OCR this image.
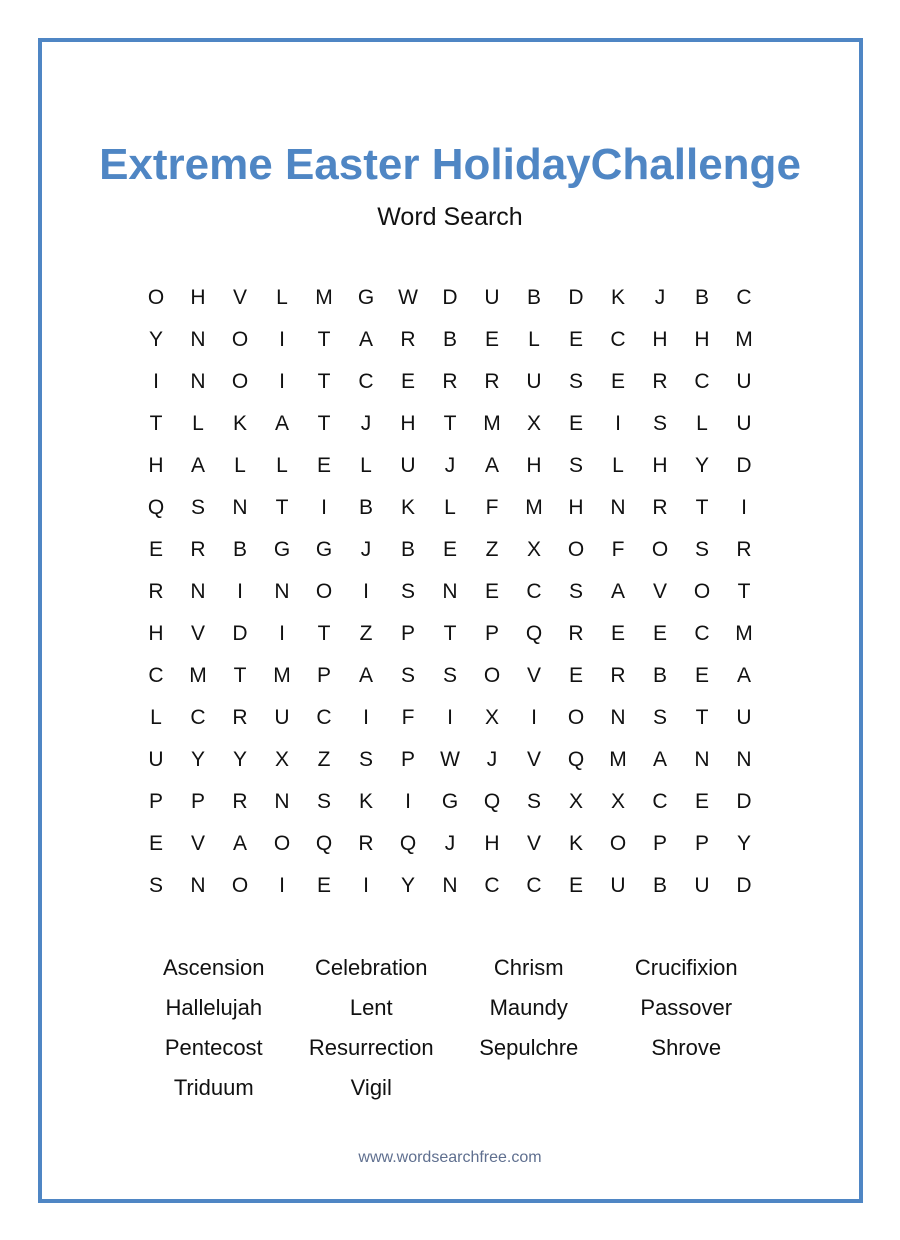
Extreme Easter HolidayChallenge
Word Search
O	H	V	L	M	G	W	D	U	B	D	K	J	B	C
Y	N	O	I	T	A	R	B	E	L	E	C	H	H	M
I	N	O	I	T	C	E	R	R	U	S	E	R	C	U
T	L	K	A	T	J	H	T	M	X	E	I	S	L	U
H	A	L	L	E	L	U	J	A	H	S	L	H	Y	D
Q	S	N	T	I	B	K	L	F	M	H	N	R	T	I
E	R	B	G	G	J	B	E	Z	X	O	F	O	S	R
R	N	I	N	O	I	S	N	E	C	S	A	V	O	T
H	V	D	I	T	Z	P	T	P	Q	R	E	E	C	M
C	M	T	M	P	A	S	S	O	V	E	R	B	E	A
L	C	R	U	C	I	F	I	X	I	O	N	S	T	U
U	Y	Y	X	Z	S	P	W	J	V	Q	M	A	N	N
P	P	R	N	S	K	I	G	Q	S	X	X	C	E	D
E	V	A	O	Q	R	Q	J	H	V	K	O	P	P	Y
S	N	O	I	E	I	Y	N	C	C	E	U	B	U	D
Ascension	Celebration	Chrism	Crucifixion
Hallelujah	Lent	Maundy	Passover
Pentecost	Resurrection	Sepulchre	Shrove
Triduum	Vigil
www.wordsearchfree.com
